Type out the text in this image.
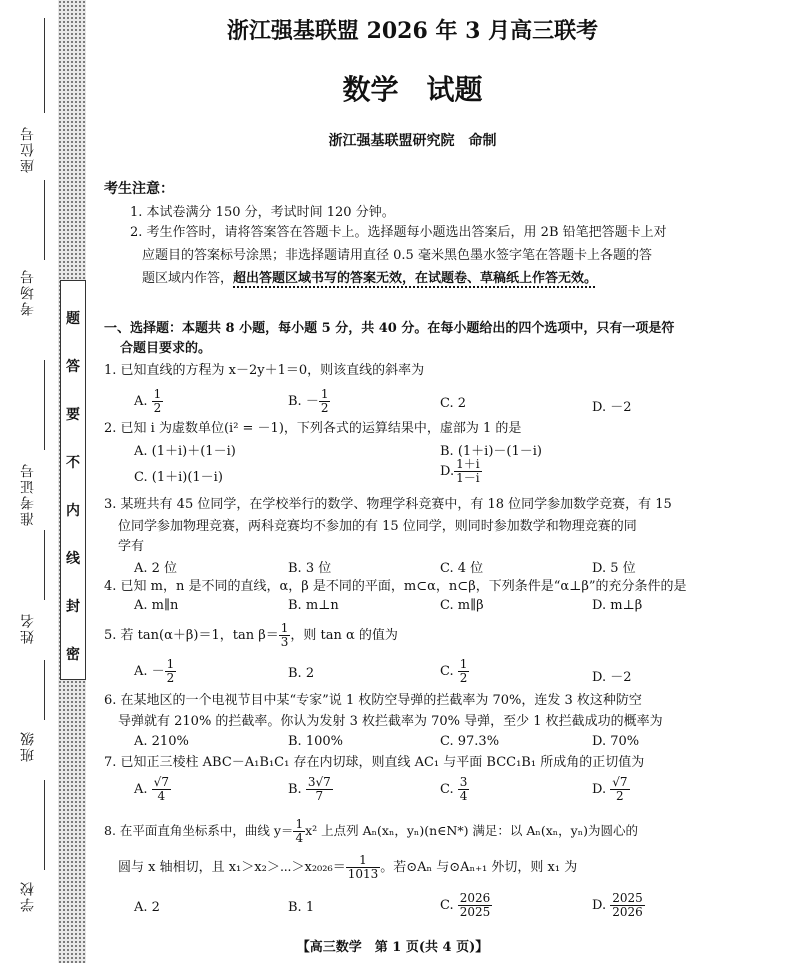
题
答
要
不
内
线
封
密
座位号
考场号
准考证号
姓名
班级
学校
浙江强基联盟 2026 年 3 月高三联考
数学　试题
浙江强基联盟研究院　命制
考生注意：
1. 本试卷满分 150 分，考试时间 120 分钟。
2. 考生作答时，请将答案答在答题卡上。选择题每小题选出答案后，用 2B 铅笔把答题卡上对
应题目的答案标号涂黑；非选择题请用直径 0.5 毫米黑色墨水签字笔在答题卡上各题的答
题区域内作答，超出答题区域书写的答案无效，在试题卷、草稿纸上作答无效。
一、选择题：本题共 8 小题，每小题 5 分，共 40 分。在每小题给出的四个选项中，只有一项是符
合题目要求的。
1. 已知直线的方程为 x－2y＋1＝0，则该直线的斜率为
A. $\frac{1}{2}$	B. － $\frac{1}{2}$	C. 2	D. －2
2. 已知 i 为虚数单位(i² = －1)，下列各式的运算结果中，虚部为 1 的是
A. (1＋i)＋(1－i)	B. (1＋i)－(1－i)
C. (1＋i)(1－i)	D. $\frac{1+i}{1-i}$
3. 某班共有 45 位同学，在学校举行的数学、物理学科竞赛中，有 18 位同学参加数学竞赛，有 15
位同学参加物理竞赛，两科竞赛均不参加的有 15 位同学，则同时参加数学和物理竞赛的同
学有
A. 2 位	B. 3 位	C. 4 位	D. 5 位
4. 已知 m，n 是不同的直线，α，β 是不同的平面，m⊂α，n⊂β，下列条件是“α⊥β”的充分条件的是
A. m∥n	B. m⊥n	C. m∥β	D. m⊥β
5. 若 tan(α＋β)＝1，$\tan \beta= \frac{1}{3}$ ，则 tan α 的值为
A. － $\frac{1}{2}$	B. 2	C. $\frac{1}{2}$	D. －2
6. 在某地区的一个电视节目中某“专家”说 1 枚防空导弹的拦截率为 70%，连发 3 枚这种防空
导弹就有 210% 的拦截率。你认为发射 3 枚拦截率为 70% 导弹，至少 1 枚拦截成功的概率为
A. 210%	B. 100%	C. 97.3%	D. 70%
7. 已知正三棱柱 ABC－A₁B₁C₁ 存在内切球，则直线 AC₁ 与平面 BCC₁B₁ 所成角的正切值为
A. $\frac{√7}{4}$	B. $\frac{3√7}{7}$	C. $\frac{3}{4}$	D. $\frac{√7}{2}$
8. 在平面直角坐标系中，曲线 $y= \frac{1}{4} x^2$ 上点列 Aₙ(xₙ，yₙ)(n∈N*) 满足：以 Aₙ(xₙ，yₙ)为圆心的
圆与 x 轴相切，且 x₁＞x₂＞⋯＞x₂₀₂₆＝ $\frac{1}{1013}$ 。若⊙Aₙ 与⊙Aₙ₊₁ 外切，则 x₁ 为
A. 2	B. 1	C. $\frac{2026}{2025}$	D. $\frac{2025}{2026}$
【高三数学　第 1 页(共 4 页)】
